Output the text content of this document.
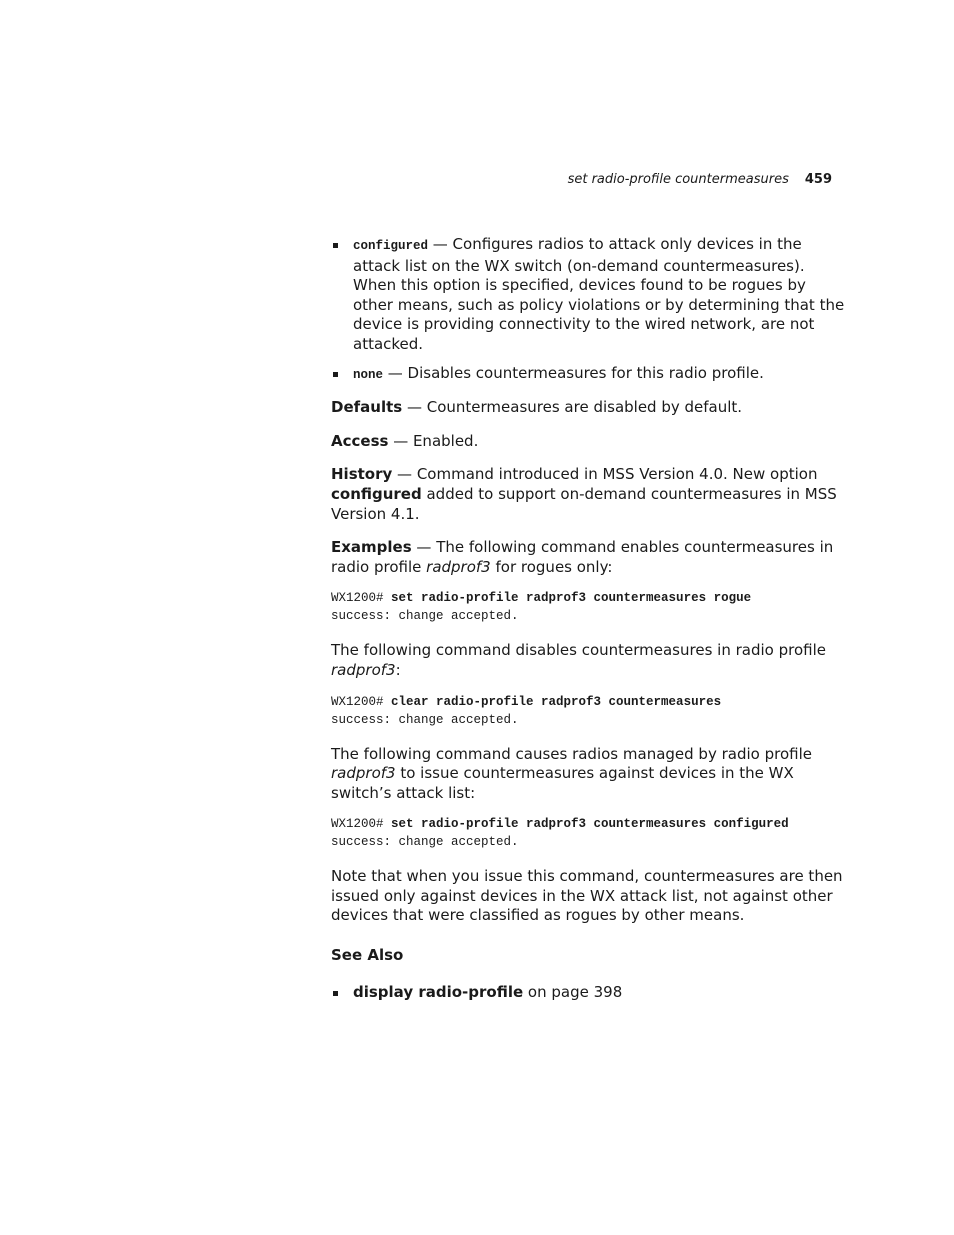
set radio-profile countermeasures 459
configured — Configures radios to attack only devices in the attack list on the WX switch (on-demand countermeasures). When this option is specified, devices found to be rogues by other means, such as policy violations or by determining that the device is providing connectivity to the wired network, are not attacked.
none — Disables countermeasures for this radio profile.

Defaults — Countermeasures are disabled by default.

Access — Enabled.

History — Command introduced in MSS Version 4.0. New option configured added to support on-demand countermeasures in MSS Version 4.1.

Examples — The following command enables countermeasures in radio profile radprof3 for rogues only:

WX1200# set radio-profile radprof3 countermeasures rogue
success: change accepted.

The following command disables countermeasures in radio profile radprof3:

WX1200# clear radio-profile radprof3 countermeasures
success: change accepted.

The following command causes radios managed by radio profile radprof3 to issue countermeasures against devices in the WX switch’s attack list:

WX1200# set radio-profile radprof3 countermeasures configured
success: change accepted.

Note that when you issue this command, countermeasures are then issued only against devices in the WX attack list, not against other devices that were classified as rogues by other means.

See Also
display radio-profile on page 398
